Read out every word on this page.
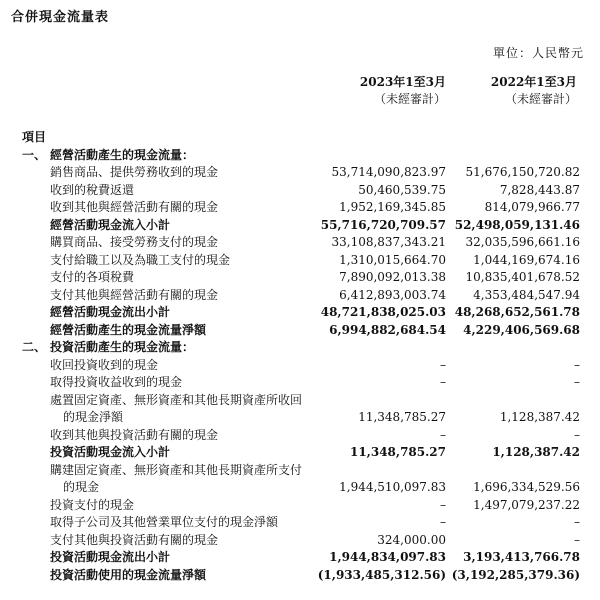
合併現金流量表
單位：人民幣元
2023年1至3月
（未經審計）
2022年1至3月
（未經審計）
項目
一、 經營活動產生的現金流量：
銷售商品、提供勞務收到的現金	53,714,090,823.97	51,676,150,720.82
收到的稅費返還	50,460,539.75	7,828,443.87
收到其他與經營活動有關的現金	1,952,169,345.85	814,079,966.77
經營活動現金流入小計	55,716,720,709.57 52,498,059,131.46
購買商品、接受勞務支付的現金	33,108,837,343.21	32,035,596,661.16
支付給職工以及為職工支付的現金	1,310,015,664.70	1,044,169,674.16
支付的各項稅費	7,890,092,013.38	10,835,401,678.52
支付其他與經營活動有關的現金	6,412,893,003.74	4,353,484,547.94
經營活動現金流出小計	48,721,838,025.03 48,268,652,561.78
經營活動產生的現金流量淨額	6,994,882,684.54	4,229,406,569.68
二、 投資活動產生的現金流量：
收回投資收到的現金	–	–
取得投資收益收到的現金	–	–
處置固定資產、無形資產和其他長期資產所收回
的現金淨額	11,348,785.27	1,128,387.42
收到其他與投資活動有關的現金	–	–
投資活動現金流入小計	11,348,785.27	1,128,387.42
購建固定資產、無形資產和其他長期資產所支付
的現金	1,944,510,097.83	1,696,334,529.56
投資支付的現金	–	1,497,079,237.22
取得子公司及其他營業單位支付的現金淨額	–	–
支付其他與投資活動有關的現金	324,000.00	–
投資活動現金流出小計	1,944,834,097.83	3,193,413,766.78
投資活動使用的現金流量淨額	(1,933,485,312.56) (3,192,285,379.36)
